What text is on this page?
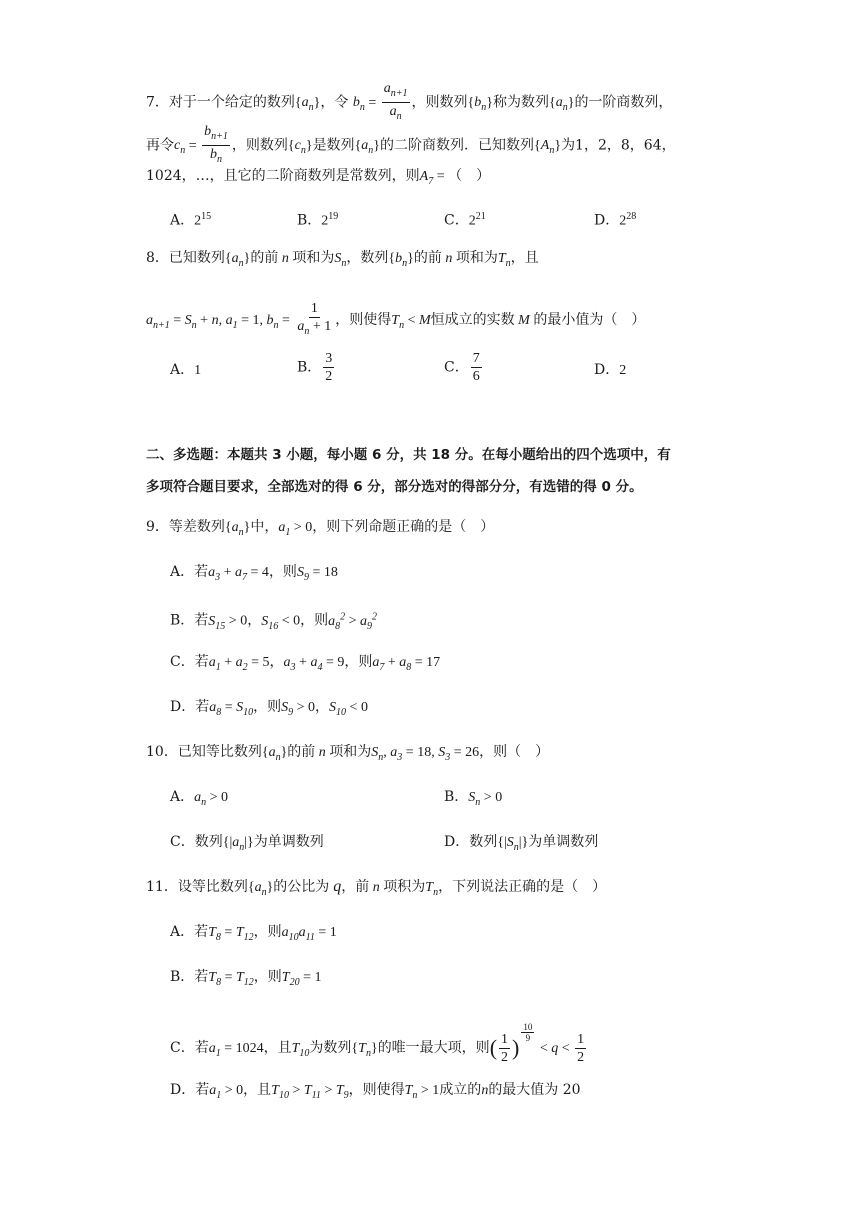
7．对于一个给定的数列$\{a_n\}$，令 $b_n = \frac{a_{n+1}}{a_n}$ ，则数列$\{b_n\}$称为数列$\{a_n\}$的一阶商数列，
再令$c_n = \frac{b_{n+1}}{b_n}$ ，则数列$\{c_n\}$是数列$\{a_n\}$的二阶商数列．已知数列$\{A_n\}$为1，2，8，64，
1024，…，且它的二阶商数列是常数列，则$A_7$ = （　）
A．$2^{15}$	B．$2^{19}$	C．$2^{21}$	D．$2^{28}$
8．已知数列$\{a_n\}$的前 n 项和为$S_n$，数列$\{b_n\}$的前 n 项和为$T_n$，且
$a_{n+1} = S_n + n$, $a_1 = 1$, $b_n = \frac{1}{a_n + 1}$ ，则使得$T_n < M$恒成立的实数 M 的最小值为（　）
A．1	B． $\frac{3}{2}$	C． $\frac{7}{6}$	D．2
二、多选题：本题共 3 小题，每小题 6 分，共 18 分。在每小题给出的四个选项中，有
多项符合题目要求，全部选对的得 6 分，部分选对的得部分分，有选错的得 0 分。
9．等差数列$\{a_n\}$中，$a_1 > 0$，则下列命题正确的是（　）
A．若$a_3 + a_7 = 4$，则$S_9 = 18$
B．若$S_{15} > 0$，$S_{16} < 0$，则$a_8^2 > a_9^2$
C．若$a_1 + a_2 = 5$，$a_3 + a_4 = 9$，则$a_7 + a_8 = 17$
D．若$a_8 = S_{10}$，则$S_9 > 0$，$S_{10} < 0$
10．已知等比数列$\{a_n\}$的前 n 项和为$S_n$, $a_3 = 18$, $S_3 = 26$，则（　）
A．$a_n > 0$	B．$S_n > 0$
C．数列$\{|a_n|\}$为单调数列	D．数列$\{|S_n|\}$为单调数列
11．设等比数列$\{a_n\}$的公比为 q，前 n 项积为$T_n$，下列说法正确的是（　）
A．若$T_8 = T_{12}$，则$a_{10}a_{11} = 1$
B．若$T_8 = T_{12}$，则$T_{20} = 1$
C．若$a_1 = 1024$，且$T_{10}$为数列$\{T_n\}$的唯一最大项，则( $\frac{1}{2}$ )
$^{\frac{10}{9}}$
< $q < \frac{1}{2}$
D．若$a_1 > 0$，且$T_{10} > T_{11} > T_9$，则使得$T_n > 1$成立的n的最大值为 20
